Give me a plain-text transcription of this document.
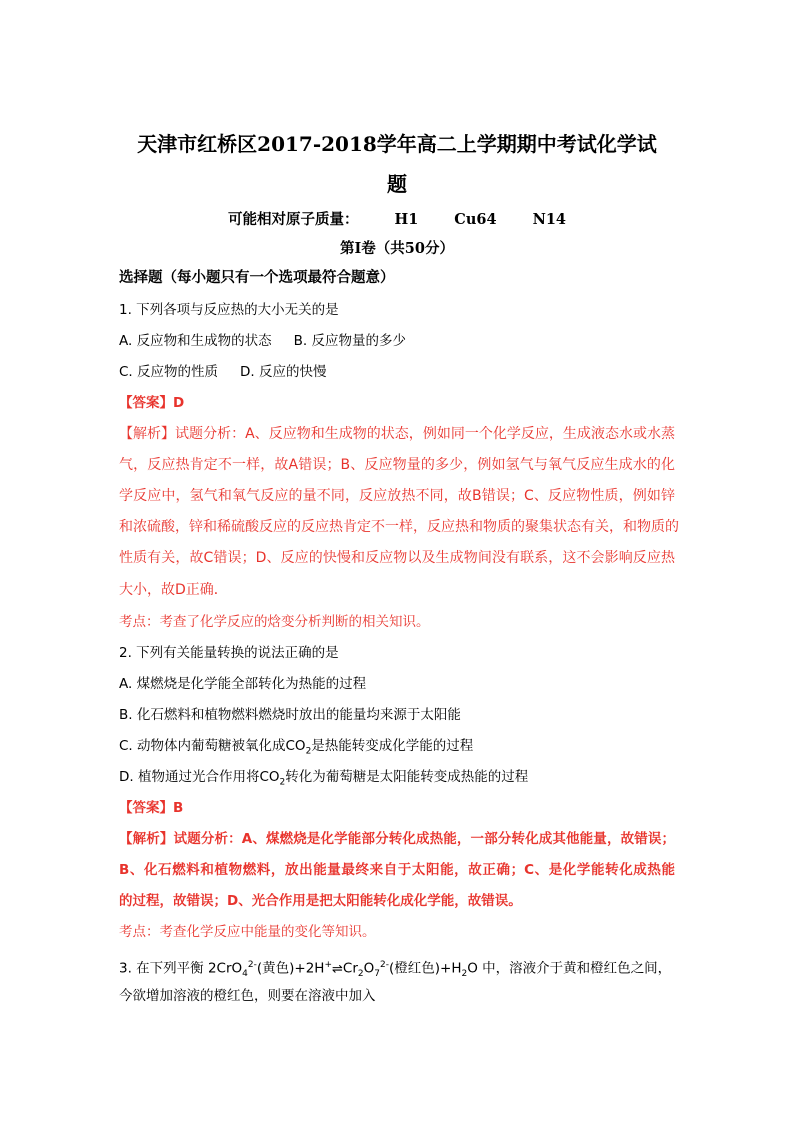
天津市红桥区2017-2018学年高二上学期期中考试化学试
题
可能相对原子质量： H1 Cu64 N14
第Ⅰ卷（共50分）
选择题（每小题只有一个选项最符合题意）
1. 下列各项与反应热的大小无关的是
A. 反应物和生成物的状态 B. 反应物量的多少
C. 反应物的性质 D. 反应的快慢
【答案】D
【解析】试题分析：A、反应物和生成物的状态，例如同一个化学反应，生成液态水或水蒸
气，反应热肯定不一样，故A错误；B、反应物量的多少，例如氢气与氧气反应生成水的化
学反应中，氢气和氧气反应的量不同，反应放热不同，故B错误；C、反应物性质，例如锌
和浓硫酸，锌和稀硫酸反应的反应热肯定不一样，反应热和物质的聚集状态有关，和物质的
性质有关，故C错误；D、反应的快慢和反应物以及生成物间没有联系，这不会影响反应热
大小，故D正确．
考点：考查了化学反应的焓变分析判断的相关知识。
2. 下列有关能量转换的说法正确的是
A. 煤燃烧是化学能全部转化为热能的过程
B. 化石燃料和植物燃料燃烧时放出的能量均来源于太阳能
C. 动物体内葡萄糖被氧化成$CO_2$是热能转变成化学能的过程
D. 植物通过光合作用将$CO_2$转化为葡萄糖是太阳能转变成热能的过程
【答案】B
【解析】试题分析：A、煤燃烧是化学能部分转化成热能，一部分转化成其他能量，故错误；
B、化石燃料和植物燃料，放出能量最终来自于太阳能，故正确；C、是化学能转化成热能
的过程，故错误；D、光合作用是把太阳能转化成化学能，故错误。
考点：考查化学反应中能量的变化等知识。
3. 在下列平衡 2CrO$_4^{2-}$(黄色)$+2H^+\rightleftharpoons Cr_2O_7^{2-}$(橙红色)$+H_2O$ 中，溶液介于黄和橙红色之间，
今欲增加溶液的橙红色，则要在溶液中加入
